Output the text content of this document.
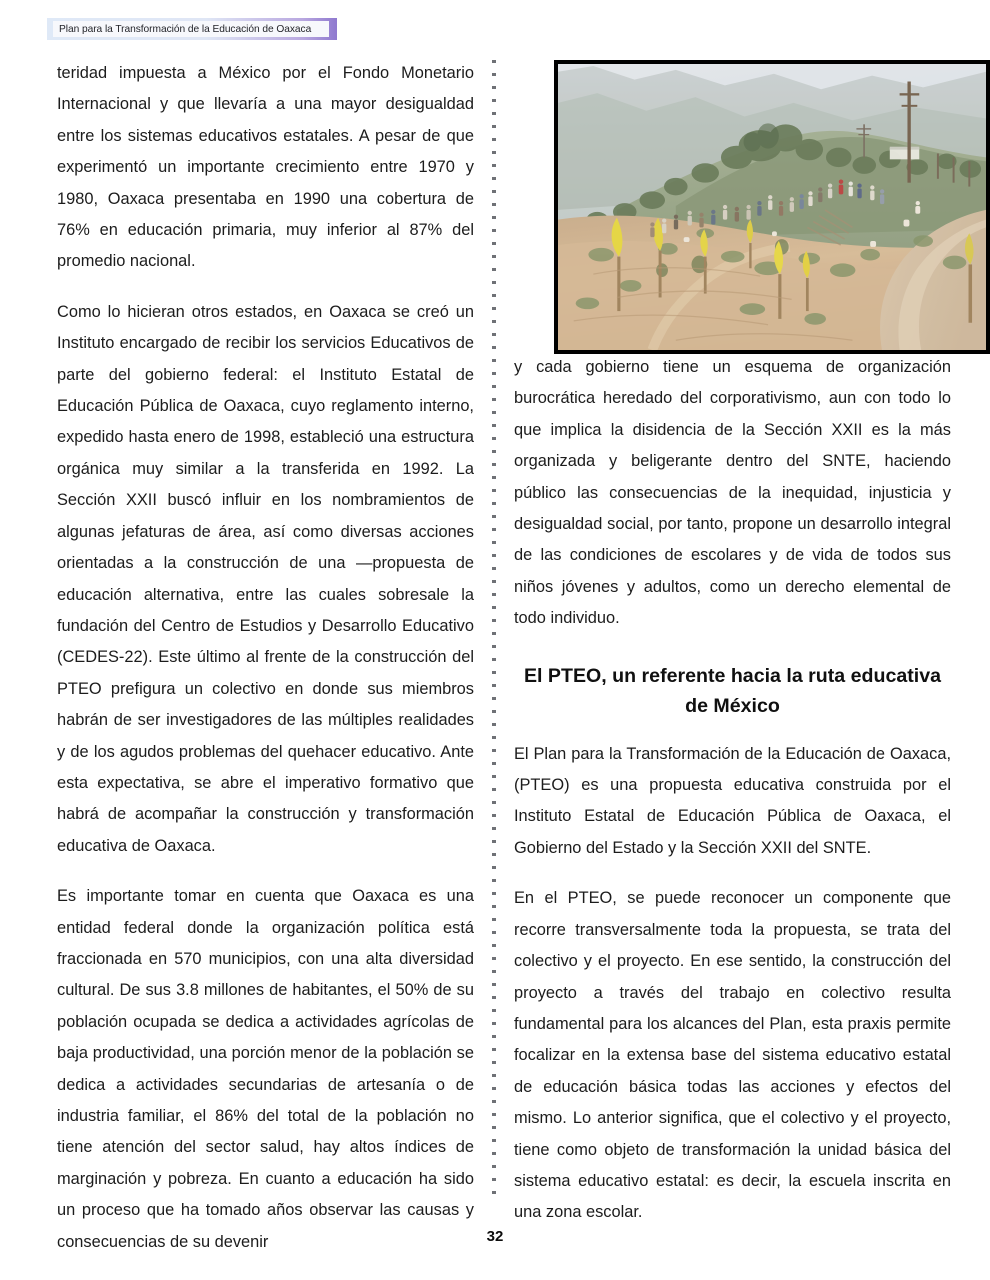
Plan para la Transformación de la Educación de Oaxaca

teridad impuesta a México por el Fondo Monetario Internacional y que llevaría a una mayor desigualdad entre los sistemas educativos estatales. A pesar de que experimentó un importante crecimiento entre 1970 y 1980, Oaxaca presentaba en 1990 una cobertura de 76% en educación primaria, muy inferior al 87% del promedio nacional.

Como lo hicieran otros estados, en Oaxaca se creó un Instituto encargado de recibir los servicios Educativos de parte del gobierno federal: el Instituto Estatal de Educación Pública de Oaxaca, cuyo reglamento interno, expedido hasta enero de 1998, estableció una estructura orgánica muy similar a la transferida en 1992. La Sección XXII buscó influir en los nombramientos de algunas jefaturas de área, así como diversas acciones orientadas a la construcción de una —propuesta de educación alternativa, entre las cuales sobresale la fundación del Centro de Estudios y Desarrollo Educativo (CEDES-22). Este último al frente de la construcción del PTEO prefigura un colectivo en donde sus miembros habrán de ser investigadores de las múltiples realidades y de los agudos problemas del quehacer educativo. Ante esta expectativa, se abre el imperativo formativo que habrá de acompañar la construcción y transformación educativa de Oaxaca.

Es importante tomar en cuenta que Oaxaca es una entidad federal donde la organización política está fraccionada en 570 municipios, con una alta diversidad cultural. De sus 3.8 millones de habitantes, el 50% de su población ocupada se dedica a actividades agrícolas de baja productividad, una porción menor de la población se dedica a actividades secundarias de artesanía o de industria familiar, el 86% del total de la población no tiene atención del sector salud, hay altos índices de marginación y pobreza. En cuanto a educación ha sido un proceso que ha tomado años observar las causas y consecuencias de su devenir

y cada gobierno tiene un esquema de organización burocrática heredado del corporativismo, aun con todo lo que implica la disidencia de la Sección XXII es la más organizada y beligerante dentro del SNTE, haciendo público las consecuencias de la inequidad, injusticia y desigualdad social, por tanto, propone un desarrollo integral de las condiciones de escolares y de vida de todos sus niños jóvenes y adultos, como un derecho elemental de todo individuo.

El PTEO, un referente hacia la ruta educativa de México

El Plan para la Transformación de la Educación de Oaxaca, (PTEO) es una propuesta educativa construida por el Instituto Estatal de Educación Pública de Oaxaca, el Gobierno del Estado y la Sección XXII del SNTE.

En el PTEO, se puede reconocer un componente que recorre transversalmente toda la propuesta, se trata del colectivo y el proyecto. En ese sentido, la construcción del proyecto a través del trabajo en colectivo resulta fundamental para los alcances del Plan, esta praxis permite focalizar en la extensa base del sistema educativo estatal de educación básica todas las acciones y efectos del mismo. Lo anterior significa, que el colectivo y el proyecto, tiene como objeto de transformación la unidad básica del sistema educativo estatal: es decir, la escuela inscrita en una zona escolar.

32
